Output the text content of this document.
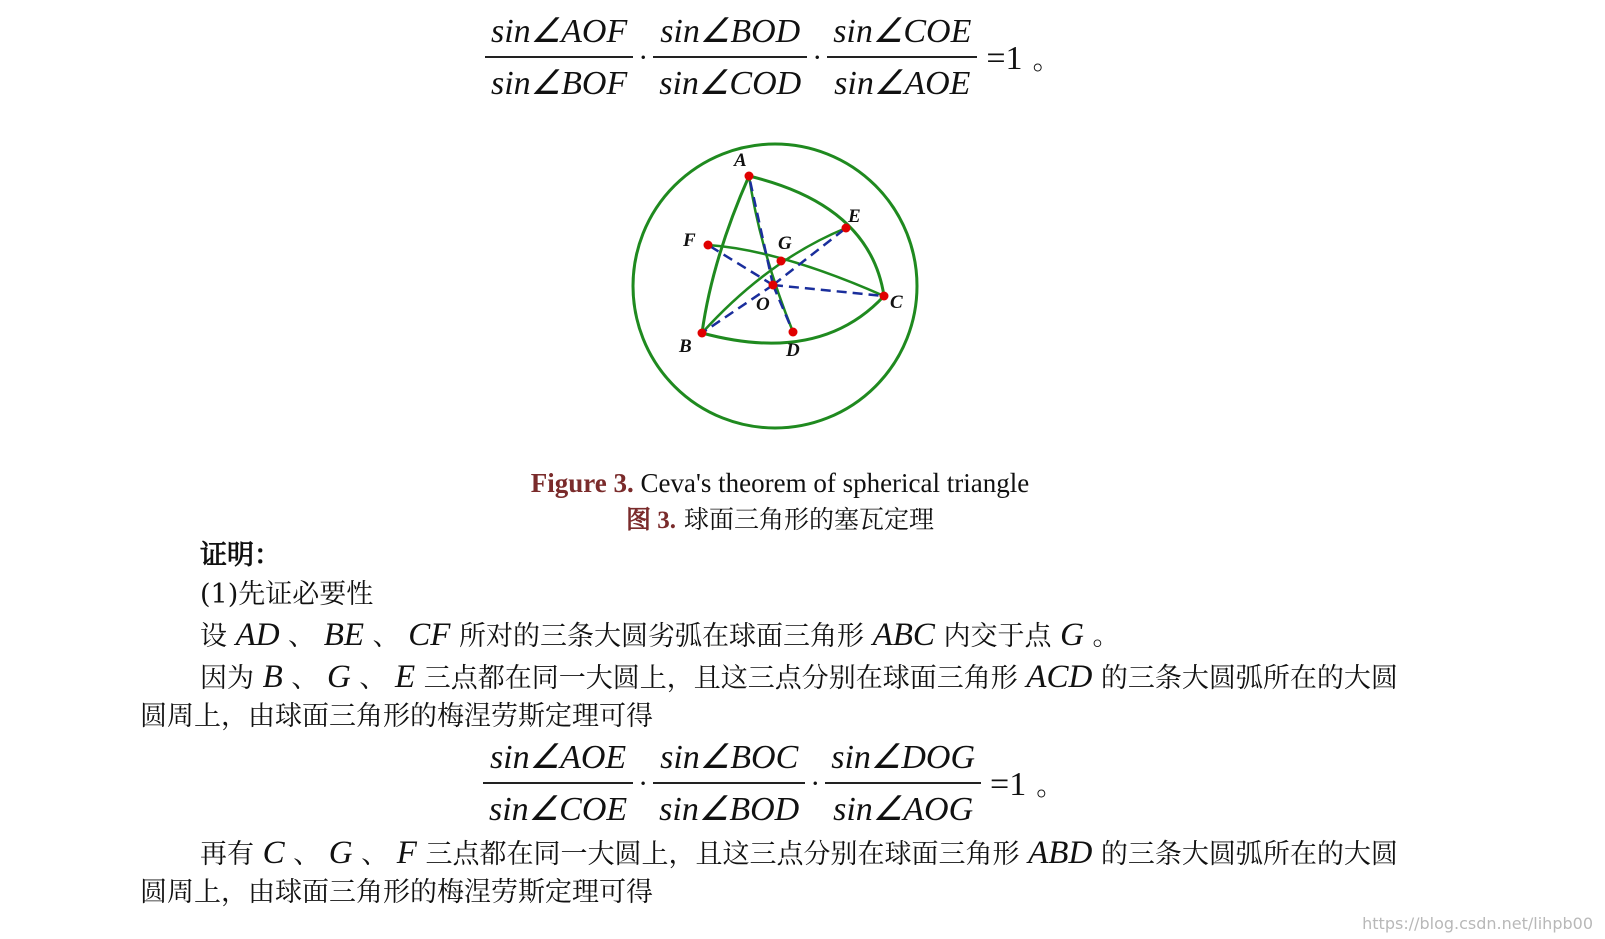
$\frac{\text{sin∠AOF}}{\text{sin∠BOF}} \cdot \frac{\text{sin∠BOD}}{\text{sin∠COD}} \cdot \frac{\text{sin∠COE}}{\text{sin∠AOE}} =1$ 。
A
B
C
D
E
F	G
O
Figure 3. Ceva's theorem of spherical triangle
图 3. 球面三角形的塞瓦定理
证明：
(1)先证必要性
设 AD 、 BE 、 CF 所对的三条大圆劣弧在球面三角形 ABC 内交于点 G 。
因为 B 、 G 、 E 三点都在同一大圆上，且这三点分别在球面三角形 ACD 的三条大圆弧所在的大圆
圆周上，由球面三角形的梅涅劳斯定理可得
$\frac{\text{sin∠AOE}}{\text{sin∠COE}} \cdot \frac{\text{sin∠BOC}}{\text{sin∠BOD}} \cdot \frac{\text{sin∠DOG}}{\text{sin∠AOG}} =1$ 。
再有 C 、 G 、 F 三点都在同一大圆上，且这三点分别在球面三角形 ABD 的三条大圆弧所在的大圆
圆周上，由球面三角形的梅涅劳斯定理可得
https://blog.csdn.net/lihpb00
